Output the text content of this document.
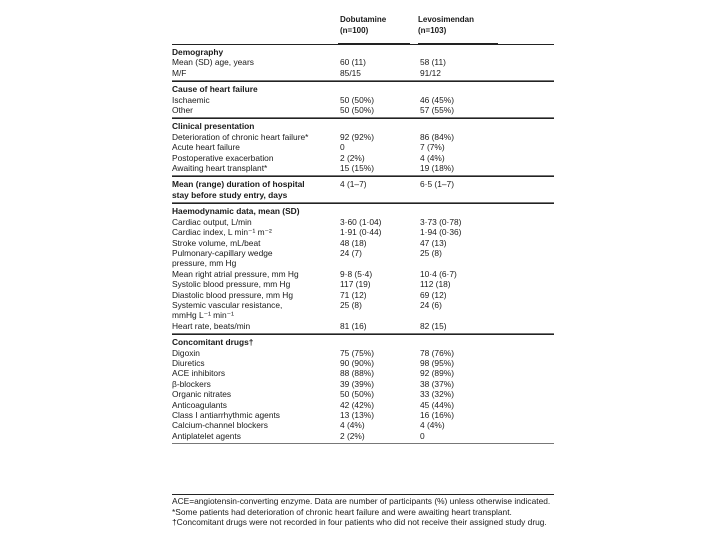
Dobutamine
(n=100)
Levosimendan
(n=103)
Demography
Mean (SD) age, years	60 (11)	58 (11)
M/F	85/15	91/12
Cause of heart failure
Ischaemic	50 (50%)	46 (45%)
Other	50 (50%)	57 (55%)
Clinical presentation
Deterioration of chronic heart failure*	92 (92%)	86 (84%)
Acute heart failure	0	7 (7%)
Postoperative exacerbation	2 (2%)	4 (4%)
Awaiting heart transplant*	15 (15%)	19 (18%)
Mean (range) duration of hospital
stay before study entry, days
4 (1–7)	6·5 (1–7)
Haemodynamic data, mean (SD)
Cardiac output, L/min	3·60 (1·04)	3·73 (0·78)
Cardiac index, L min⁻¹ m⁻²	1·91 (0·44)	1·94 (0·36)
Stroke volume, mL/beat	48 (18)	47 (13)
Pulmonary-capillary wedge
pressure, mm Hg
24 (7)	25 (8)
Mean right atrial pressure, mm Hg	9·8 (5·4)	10·4 (6·7)
Systolic blood pressure, mm Hg	117 (19)	112 (18)
Diastolic blood pressure, mm Hg	71 (12)	69 (12)
Systemic vascular resistance,
mmHg L⁻¹ min⁻¹
25 (8)	24 (6)
Heart rate, beats/min	81 (16)	82 (15)
Concomitant drugs†
Digoxin	75 (75%)	78 (76%)
Diuretics	90 (90%)	98 (95%)
ACE inhibitors	88 (88%)	92 (89%)
β-blockers	39 (39%)	38 (37%)
Organic nitrates	50 (50%)	33 (32%)
Anticoagulants	42 (42%)	45 (44%)
Class I antiarrhythmic agents	13 (13%)	16 (16%)
Calcium-channel blockers	4 (4%)	4 (4%)
Antiplatelet agents	2 (2%)	0
ACE=angiotensin-converting enzyme. Data are number of participants (%) unless otherwise indicated. *Some patients had deterioration of chronic heart failure and were awaiting heart transplant. †Concomitant drugs were not recorded in four patients who did not receive their assigned study drug.
